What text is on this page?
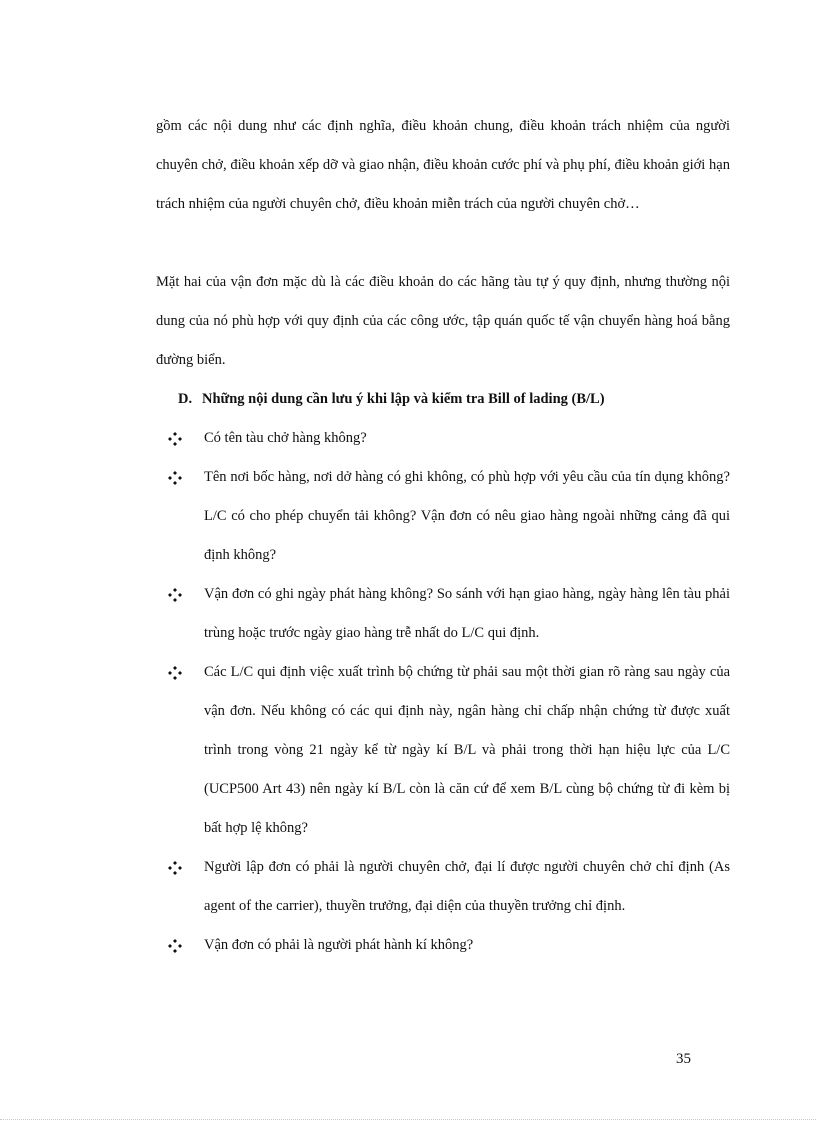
gồm các nội dung như các định nghĩa, điều khoản chung, điều khoản trách nhiệm của người chuyên chở, điều khoản xếp dỡ và giao nhận, điều khoản cước phí và phụ phí, điều khoản giới hạn trách nhiệm của người chuyên chở, điều khoản miễn trách của người chuyên chở…

Mặt hai của vận đơn mặc dù là các điều khoản do các hãng tàu tự ý quy định, nhưng thường nội dung của nó phù hợp với quy định của các công ước, tập quán quốc tế vận chuyển hàng hoá bằng đường biển.

D. Những nội dung cần lưu ý khi lập và kiểm tra Bill of lading (B/L)

Có tên tàu chở hàng không?
Tên nơi bốc hàng, nơi dở hàng có ghi không, có phù hợp với yêu cầu của tín dụng không? L/C có cho phép chuyển tải không? Vận đơn có nêu giao hàng ngoài những cảng đã qui định không?
Vận đơn có ghi ngày phát hàng không? So sánh với hạn giao hàng, ngày hàng lên tàu phải trùng hoặc trước ngày giao hàng trễ nhất do L/C qui định.
Các L/C qui định việc xuất trình bộ chứng từ phải sau một thời gian rõ ràng sau ngày của vận đơn. Nếu không có các qui định này, ngân hàng chỉ chấp nhận chứng từ được xuất trình trong vòng 21 ngày kể từ ngày kí B/L và phải trong thời hạn hiệu lực của L/C (UCP500 Art 43) nên ngày kí B/L còn là căn cứ để xem B/L cùng bộ chứng từ đi kèm bị bất hợp lệ không?
Người lập đơn có phải là người chuyên chở, đại lí được người chuyên chở chỉ định (As agent of the carrier), thuyền trưởng, đại diện của thuyền trưởng chỉ định.
Vận đơn có phải là người phát hành kí không?

35
